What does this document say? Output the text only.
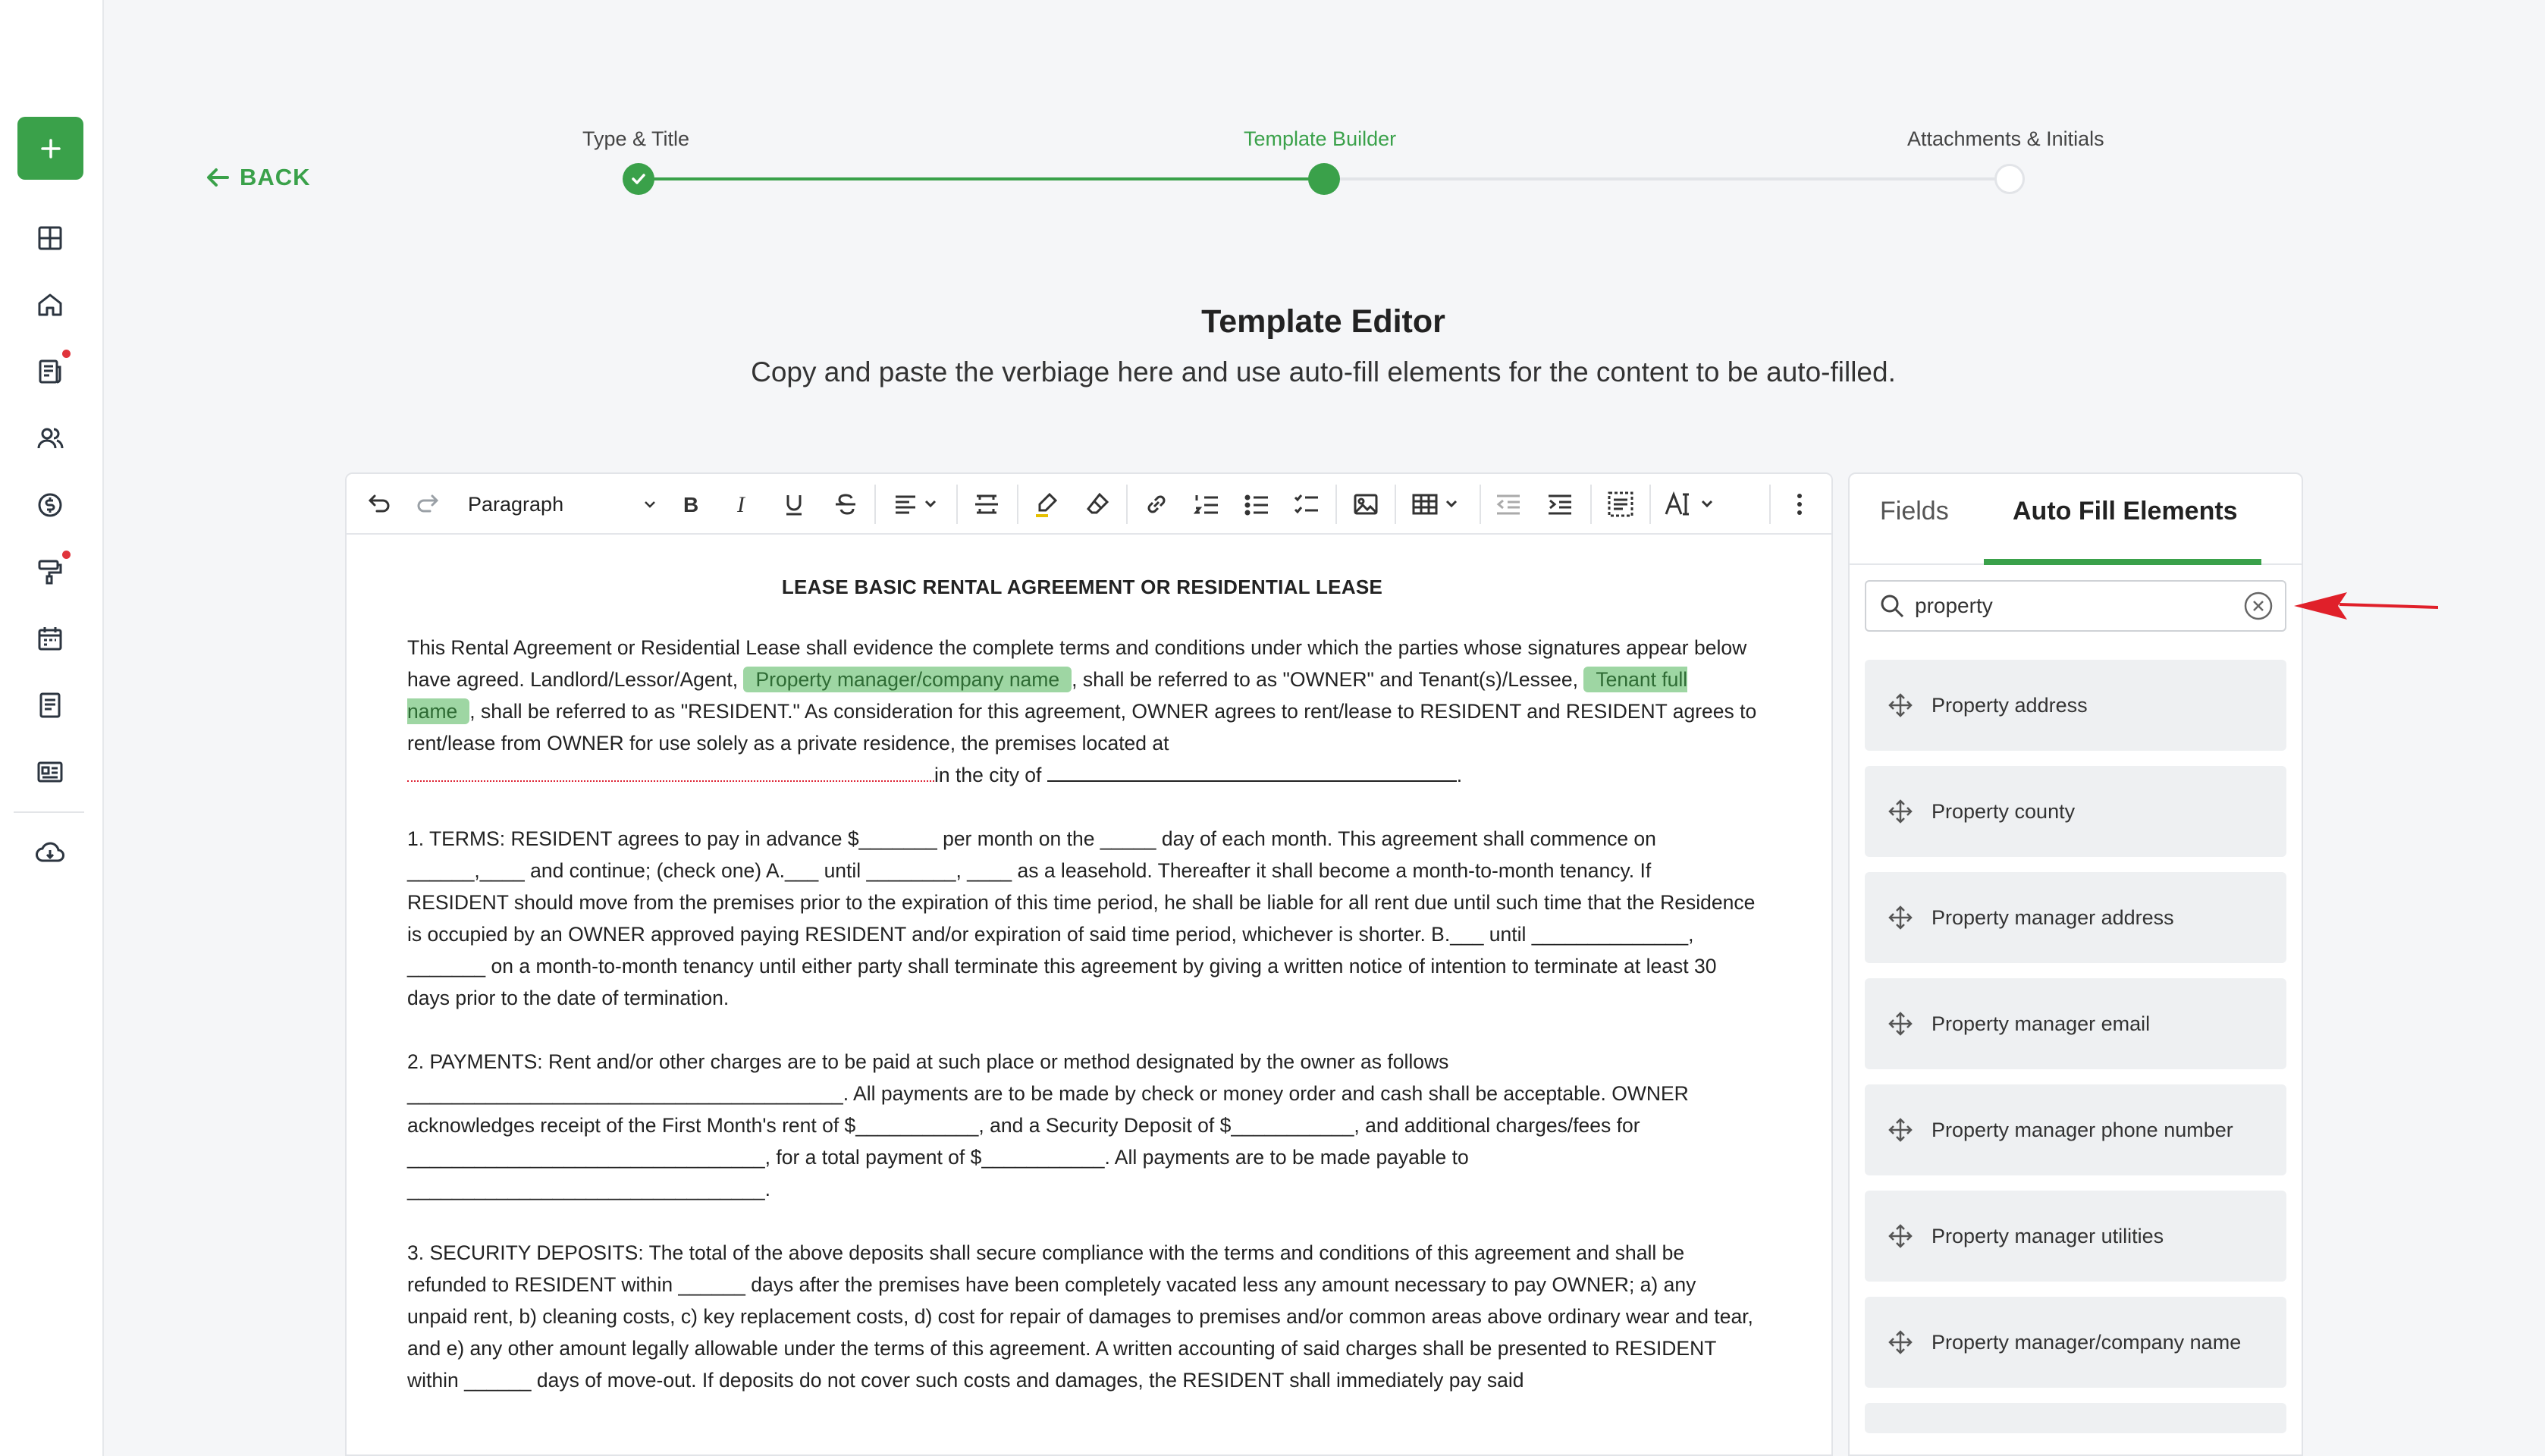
BACK
Type & Title	Template Builder	Attachments & Initials
Template Editor
Copy and paste the verbiage here and use auto-fill elements for the content to be auto-filled.
Paragraph	B I
LEASE BASIC RENTAL AGREEMENT OR RESIDENTIAL LEASE

This Rental Agreement or Residential Lease shall evidence the complete terms and conditions under which the parties whose signatures appear below have agreed. Landlord/Lessor/Agent, Property manager/company name , shall be referred to as "OWNER" and Tenant(s)/Lessee, Tenant full name , shall be referred to as "RESIDENT." As consideration for this agreement, OWNER agrees to rent/lease to RESIDENT and RESIDENT agrees to rent/lease from OWNER for use solely as a private residence, the premises located at
in the city of	.

1. TERMS: RESIDENT agrees to pay in advance $_______ per month on the _____ day of each month. This agreement shall commence on ______,____ and continue; (check one) A.___ until ________, ____ as a leasehold. Thereafter it shall become a month-to-month tenancy. If RESIDENT should move from the premises prior to the expiration of this time period, he shall be liable for all rent due until such time that the Residence is occupied by an OWNER approved paying RESIDENT and/or expiration of said time period, whichever is shorter. B.___ until ______________, _______ on a month-to-month tenancy until either party shall terminate this agreement by giving a written notice of intention to terminate at least 30 days prior to the date of termination.

2. PAYMENTS: Rent and/or other charges are to be paid at such place or method designated by the owner as follows _______________________________________. All payments are to be made by check or money order and cash shall be acceptable. OWNER acknowledges receipt of the First Month's rent of $___________, and a Security Deposit of $___________, and additional charges/fees for ________________________________, for a total payment of $___________. All payments are to be made payable to ________________________________.

3. SECURITY DEPOSITS: The total of the above deposits shall secure compliance with the terms and conditions of this agreement and shall be refunded to RESIDENT within ______ days after the premises have been completely vacated less any amount necessary to pay OWNER; a) any unpaid rent, b) cleaning costs, c) key replacement costs, d) cost for repair of damages to premises and/or common areas above ordinary wear and tear, and e) any other amount legally allowable under the terms of this agreement. A written accounting of said charges shall be presented to RESIDENT within ______ days of move-out. If deposits do not cover such costs and damages, the RESIDENT shall immediately pay said

Fields Auto Fill Elements
property
Property address
Property county
Property manager address
Property manager email
Property manager phone number
Property manager utilities
Property manager/company name
